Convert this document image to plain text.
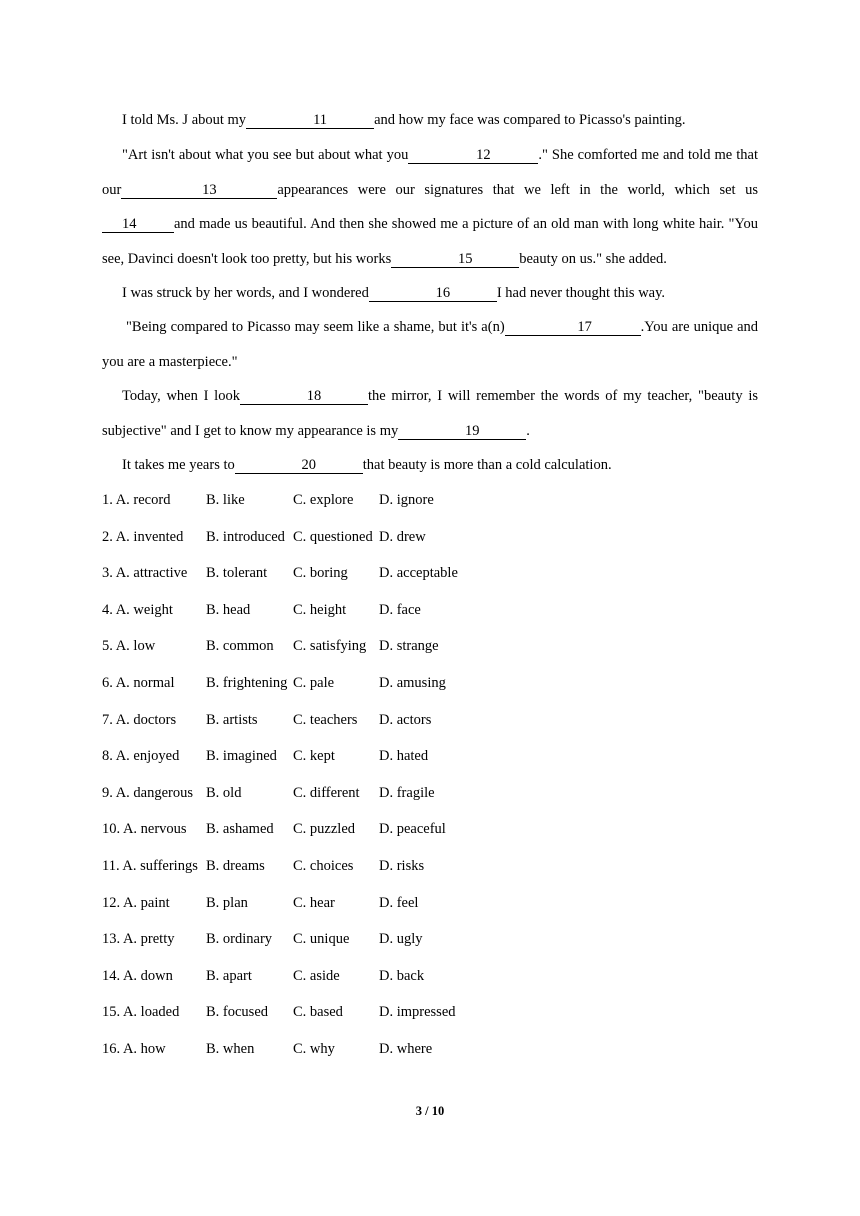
I told Ms. J about my	11	and how my face was compared to Picasso's painting.

"Art isn't about what you see but about what you	12	." She comforted me and told me that our	13	appearances were our signatures that we left in the world, which set us 14	and made us beautiful. And then she showed me a picture of an old man with long white hair. "You see, Davinci doesn't look too pretty, but his works	15	beauty on us." she added.

I was struck by her words, and I wondered	16	I had never thought this way.

"Being compared to Picasso may seem like a shame, but it's a(n)	17	.You are unique and you are a masterpiece."

Today, when I look	18	the mirror, I will remember the words of my teacher, "beauty is subjective" and I get to know my appearance is my	19	.

It takes me years to	20	that beauty is more than a cold calculation.

1. A. record B. like	C. explore D. ignore
2. A. invented B. introduced C. questioned D. drew
3. A. attractive B. tolerant C. boring D. acceptable
4. A. weight B. head	C. height D. face
5. A. low	B. common C. satisfying D. strange
6. A. normal B. frightening C. pale	D. amusing
7. A. doctors B. artists C. teachers D. actors
8. A. enjoyed B. imagined C. kept	D. hated
9. A. dangerous B. old	C. different D. fragile
10. A. nervous B. ashamed C. puzzled D. peaceful
11. A. sufferings B. dreams C. choices D. risks
12. A. paint	B. plan	C. hear	D. feel
13. A. pretty B. ordinary C. unique D. ugly
14. A. down B. apart	C. aside	D. back
15. A. loaded B. focused C. based D. impressed
16. A. how	B. when	C. why	D. where
3 / 10
